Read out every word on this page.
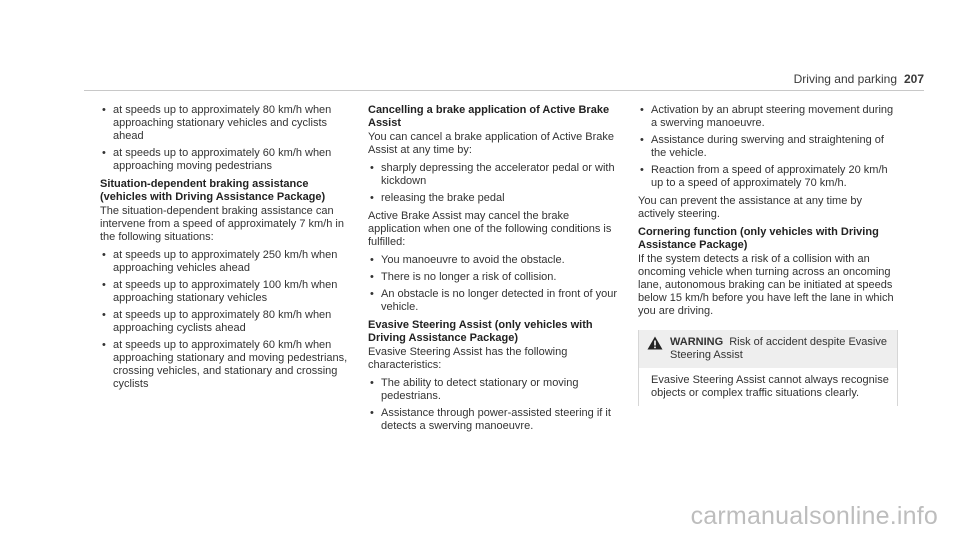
Driving and parking 207
• at speeds up to approximately 80 km/h when approaching stationary vehicles and cyclists ahead
• at speeds up to approximately 60 km/h when approaching moving pedestrians
Situation-dependent braking assistance (vehicles with Driving Assistance Package)

The situation-dependent braking assistance can intervene from a speed of approximately 7 km/h in the following situations:

• at speeds up to approximately 250 km/h when approaching vehicles ahead
• at speeds up to approximately 100 km/h when approaching stationary vehicles
• at speeds up to approximately 80 km/h when approaching cyclists ahead
• at speeds up to approximately 60 km/h when approaching stationary and moving pedestrians, crossing vehicles, and stationary and crossing cyclists
Cancelling a brake application of Active Brake Assist

You can cancel a brake application of Active Brake Assist at any time by:

• sharply depressing the accelerator pedal or with kickdown
• releasing the brake pedal

Active Brake Assist may cancel the brake application when one of the following conditions is fulfilled:

• You manoeuvre to avoid the obstacle.
• There is no longer a risk of collision.
• An obstacle is no longer detected in front of your vehicle.
Evasive Steering Assist (only vehicles with Driving Assistance Package)

Evasive Steering Assist has the following characteristics:

• The ability to detect stationary or moving pedestrians.
• Assistance through power-assisted steering if it detects a swerving manoeuvre.
• Activation by an abrupt steering movement during a swerving manoeuvre.
• Assistance during swerving and straightening of the vehicle.
• Reaction from a speed of approximately 20 km/h up to a speed of approximately 70 km/h.

You can prevent the assistance at any time by actively steering.

Cornering function (only vehicles with Driving Assistance Package)

If the system detects a risk of a collision with an oncoming vehicle when turning across an oncoming lane, autonomous braking can be initiated at speeds below 15 km/h before you have left the lane in which you are driving.

WARNING Risk of accident despite Evasive Steering Assist
Evasive Steering Assist cannot always recognise objects or complex traffic situations clearly.
carmanualsonline.info
